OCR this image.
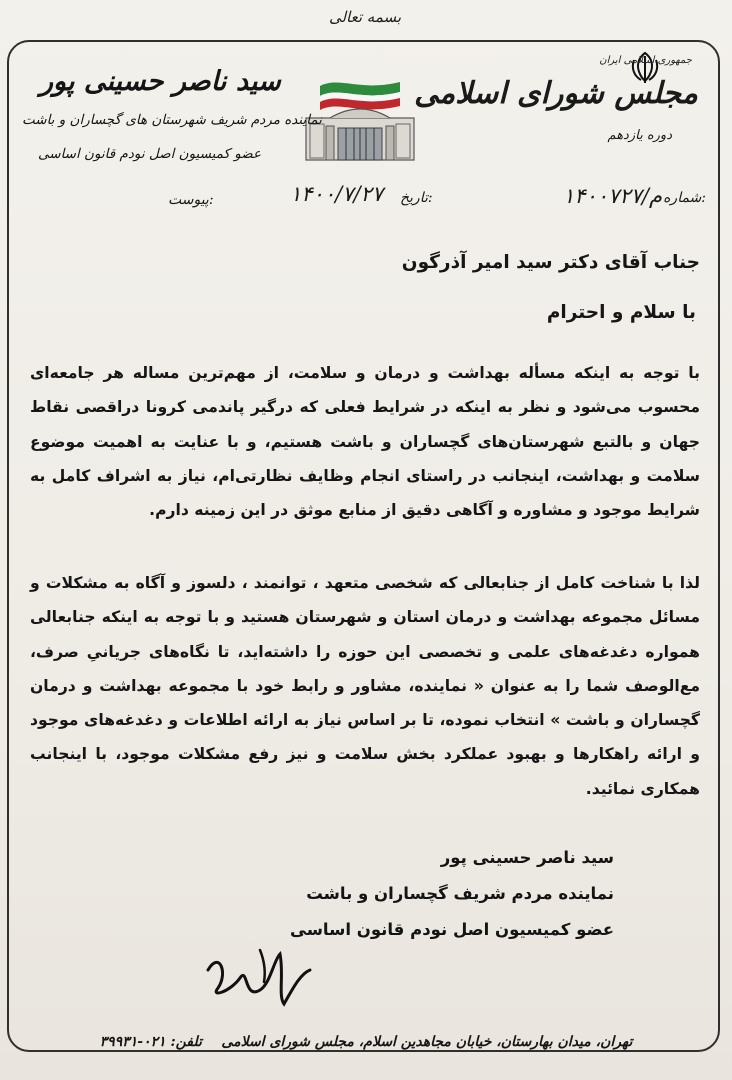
بسمه تعالی
جمهوری اسلامی ایران
مجلس شورای اسلامی
دوره یازدهم
سید ناصر حسینی پور
نماینده مردم شریف شهرستان های گچساران و باشت
عضو کمیسیون اصل نودم قانون اساسی
شماره:
۱۴۰۰۷۲۷/م
تاریخ:
۱۴۰۰/۷/۲۷
پیوست:
جناب آقای دکتر سید امیر آذرگون
با سلام و احترام
با توجه به اینکه مسأله بهداشت و درمان و سلامت، از مهم‌ترین مساله هر جامعه‌ای محسوب می‌شود و نظر به اینکه در شرایط فعلی که درگیر پاندمی کرونا دراقصی نقاط جهان و بالتبع شهرستان‌های گچساران و باشت هستیم، و با عنایت به اهمیت موضوع سلامت و بهداشت، اینجانب در راستای انجام وظایف نظارتی‌ام، نیاز به اشراف کامل به شرایط موجود و مشاوره و آگاهی دقیق از منابع موثق در این زمینه دارم.
لذا با شناخت کامل از جنابعالی که شخصی متعهد ، توانمند ، دلسوز و آگاه به مشکلات و مسائل مجموعه بهداشت و درمان استان و شهرستان هستید و با توجه به اینکه جنابعالی همواره دغدغه‌های علمی و تخصصی این حوزه را داشته‌اید، تا نگاه‌های جریانیِ صرف، مع‌الوصف شما را به عنوان « نماینده، مشاور و رابط خود با مجموعه بهداشت و درمان گچساران و باشت » انتخاب نموده، تا بر اساس نیاز به ارائه اطلاعات و دغدغه‌های موجود و ارائه راهکارها و بهبود عملکرد بخش سلامت و نیز رفع مشکلات موجود، با اینجانب همکاری نمائید.
سید ناصر حسینی پور
نماینده مردم شریف گچساران و باشت
عضو کمیسیون اصل نودم قانون اساسی
تهران، میدان بهارستان، خیابان مجاهدین اسلام، مجلس شورای اسلامی    تلفن: ۰۲۱-۳۹۹۳۱
